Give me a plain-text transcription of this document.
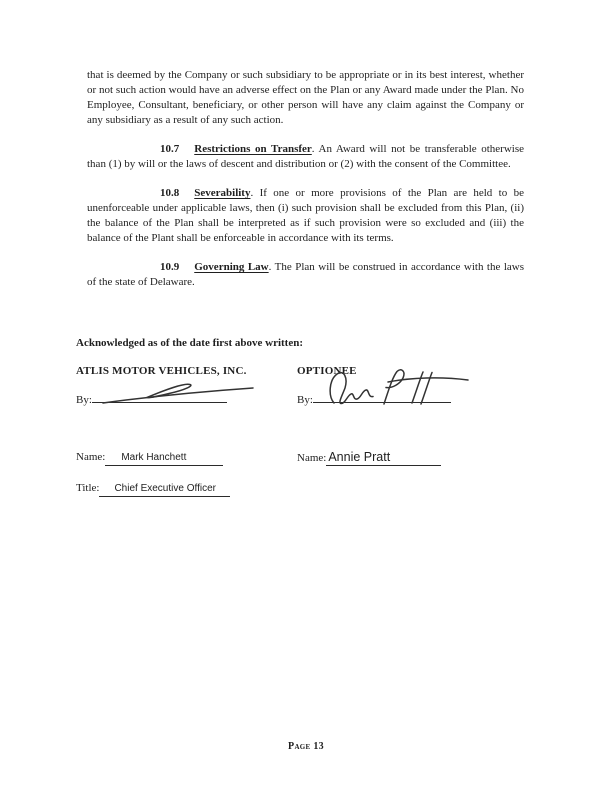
that is deemed by the Company or such subsidiary to be appropriate or in its best interest, whether or not such action would have an adverse effect on the Plan or any Award made under the Plan. No Employee, Consultant, beneficiary, or other person will have any claim against the Company or any subsidiary as a result of any such action.

10.7 Restrictions on Transfer. An Award will not be transferable otherwise than (1) by will or the laws of descent and distribution or (2) with the consent of the Committee.

10.8 Severability. If one or more provisions of the Plan are held to be unenforceable under applicable laws, then (i) such provision shall be excluded from this Plan, (ii) the balance of the Plan shall be interpreted as if such provision were so excluded and (iii) the balance of the Plant shall be enforceable in accordance with its terms.

10.9 Governing Law. The Plan will be construed in accordance with the laws of the state of Delaware.

Acknowledged as of the date first above written:

ATLIS MOTOR VEHICLES, INC.
By:
Name: Mark Hanchett
Title: Chief Executive Officer
OPTIONEE
By:
Name: Annie Pratt
Page 13
